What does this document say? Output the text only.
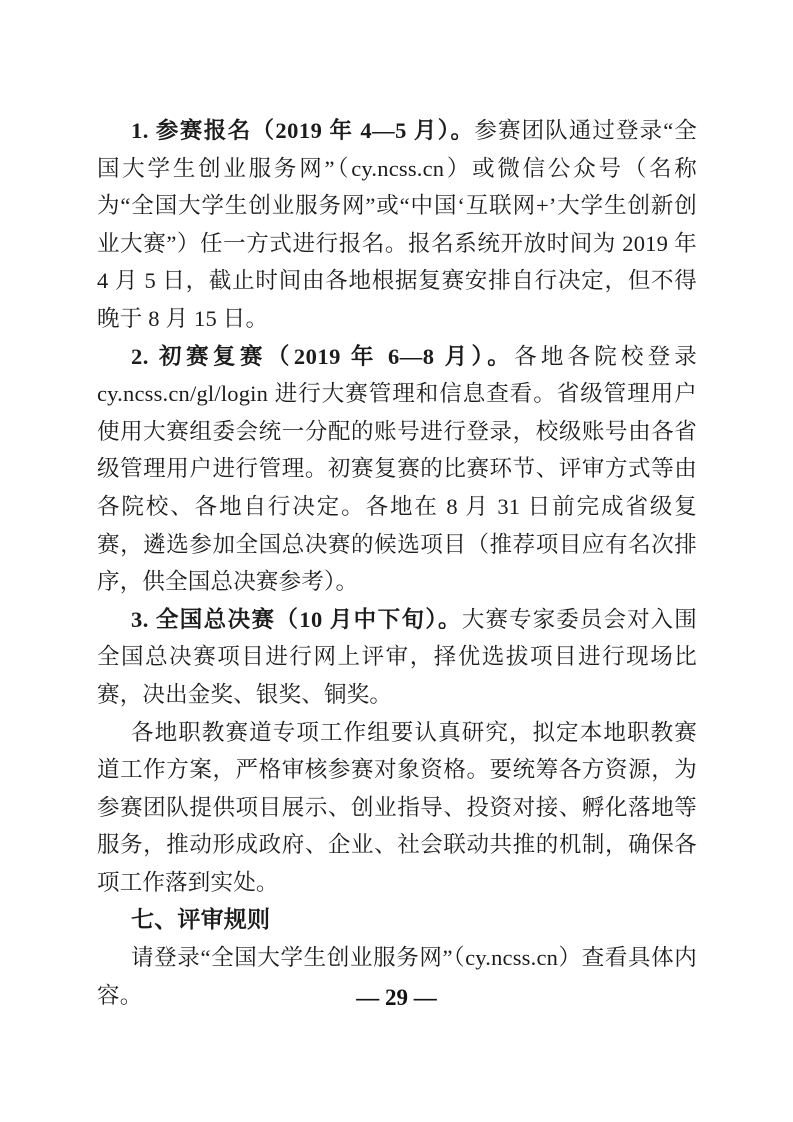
1. 参赛报名（2019 年 4—5 月）。参赛团队通过登录“全国大学生创业服务网”（cy.ncss.cn）或微信公众号（名称为“全国大学生创业服务网”或“中国‘互联网+’大学生创新创业大赛”）任一方式进行报名。报名系统开放时间为 2019 年 4 月 5 日，截止时间由各地根据复赛安排自行决定，但不得晚于 8 月 15 日。

2. 初赛复赛（2019 年 6—8 月）。各地各院校登录 cy.ncss.cn/gl/login 进行大赛管理和信息查看。省级管理用户使用大赛组委会统一分配的账号进行登录，校级账号由各省级管理用户进行管理。初赛复赛的比赛环节、评审方式等由各院校、各地自行决定。各地在 8 月 31 日前完成省级复赛，遴选参加全国总决赛的候选项目（推荐项目应有名次排序，供全国总决赛参考）。

3. 全国总决赛（10 月中下旬）。大赛专家委员会对入围全国总决赛项目进行网上评审，择优选拔项目进行现场比赛，决出金奖、银奖、铜奖。

各地职教赛道专项工作组要认真研究，拟定本地职教赛道工作方案，严格审核参赛对象资格。要统筹各方资源，为参赛团队提供项目展示、创业指导、投资对接、孵化落地等服务，推动形成政府、企业、社会联动共推的机制，确保各项工作落到实处。

七、评审规则

请登录“全国大学生创业服务网”（cy.ncss.cn）查看具体内容。	— 29 —
